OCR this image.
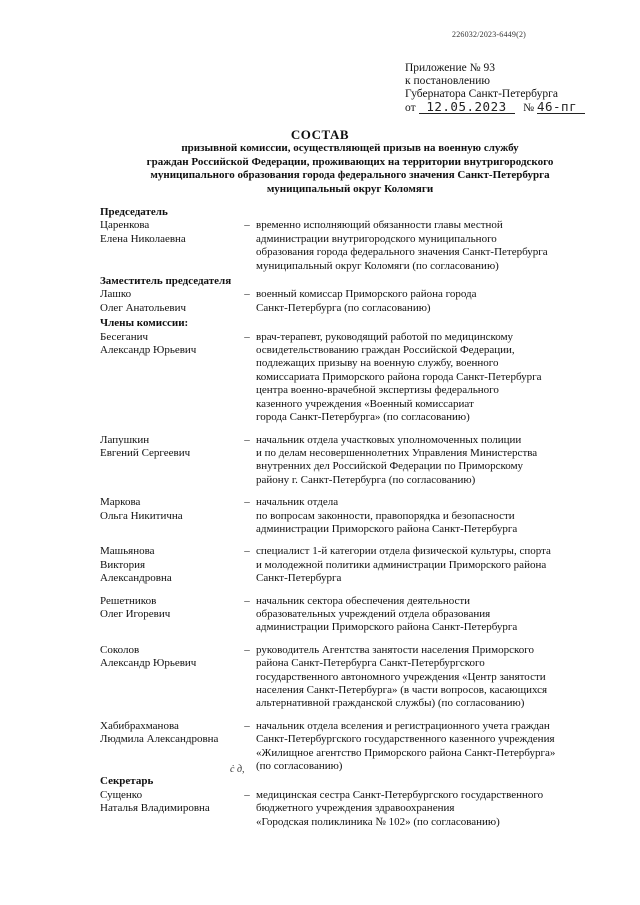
226032/2023-6449(2)
Приложение № 93
к постановлению
Губернатора Санкт-Петербурга
от 12.05.2023 № 46-пг
СОСТАВ
призывной комиссии, осуществляющей призыв на военную службу
граждан Российской Федерации, проживающих на территории внутригородского
муниципального образования города федерального значения Санкт-Петербурга
муниципальный округ Коломяги
Председатель
Царенкова
Елена Николаевна
– временно исполняющий обязанности главы местной
администрации внутригородского муниципального
образования города федерального значения Санкт-Петербурга
муниципальный округ Коломяги (по согласованию)
Заместитель председателя
Лашко
Олег Анатольевич
– военный комиссар Приморского района города
Санкт-Петербурга (по согласованию)
Члены комиссии:
Бесеганич
Александр Юрьевич
– врач-терапевт, руководящий работой по медицинскому
освидетельствованию граждан Российской Федерации,
подлежащих призыву на военную службу, военного
комиссариата Приморского района города Санкт-Петербурга
центра военно-врачебной экспертизы федерального
казенного учреждения «Военный комиссариат
города Санкт-Петербурга» (по согласованию)
Лапушкин
Евгений Сергеевич
– начальник отдела участковых уполномоченных полиции
и по делам несовершеннолетних Управления Министерства
внутренних дел Российской Федерации по Приморскому
району г. Санкт-Петербурга (по согласованию)
Маркова
Ольга Никитична
– начальник отдела
по вопросам законности, правопорядка и безопасности
администрации Приморского района Санкт-Петербурга
Машьянова
Виктория
Александровна
– специалист 1-й категории отдела физической культуры, спорта
и молодежной политики администрации Приморского района
Санкт-Петербурга
Решетников
Олег Игоревич
– начальник сектора обеспечения деятельности
образовательных учреждений отдела образования
администрации Приморского района Санкт-Петербурга
Соколов
Александр Юрьевич
– руководитель Агентства занятости населения Приморского
района Санкт-Петербурга Санкт-Петербургского
государственного автономного учреждения «Центр занятости
населения Санкт-Петербурга» (в части вопросов, касающихся
альтернативной гражданской службы) (по согласованию)
Хабибрахманова
Людмила Александровна
– начальник отдела вселения и регистрационного учета граждан
Санкт-Петербургского государственного казенного учреждения
«Жилищное агентство Приморского района Санкт-Петербурга»
(по согласованию)
Секретарь
Сущенко
Наталья Владимировна
– медицинская сестра Санкт-Петербургского государственного
бюджетного учреждения здравоохранения
«Городская поликлиника № 102» (по согласованию)
ċ д,
